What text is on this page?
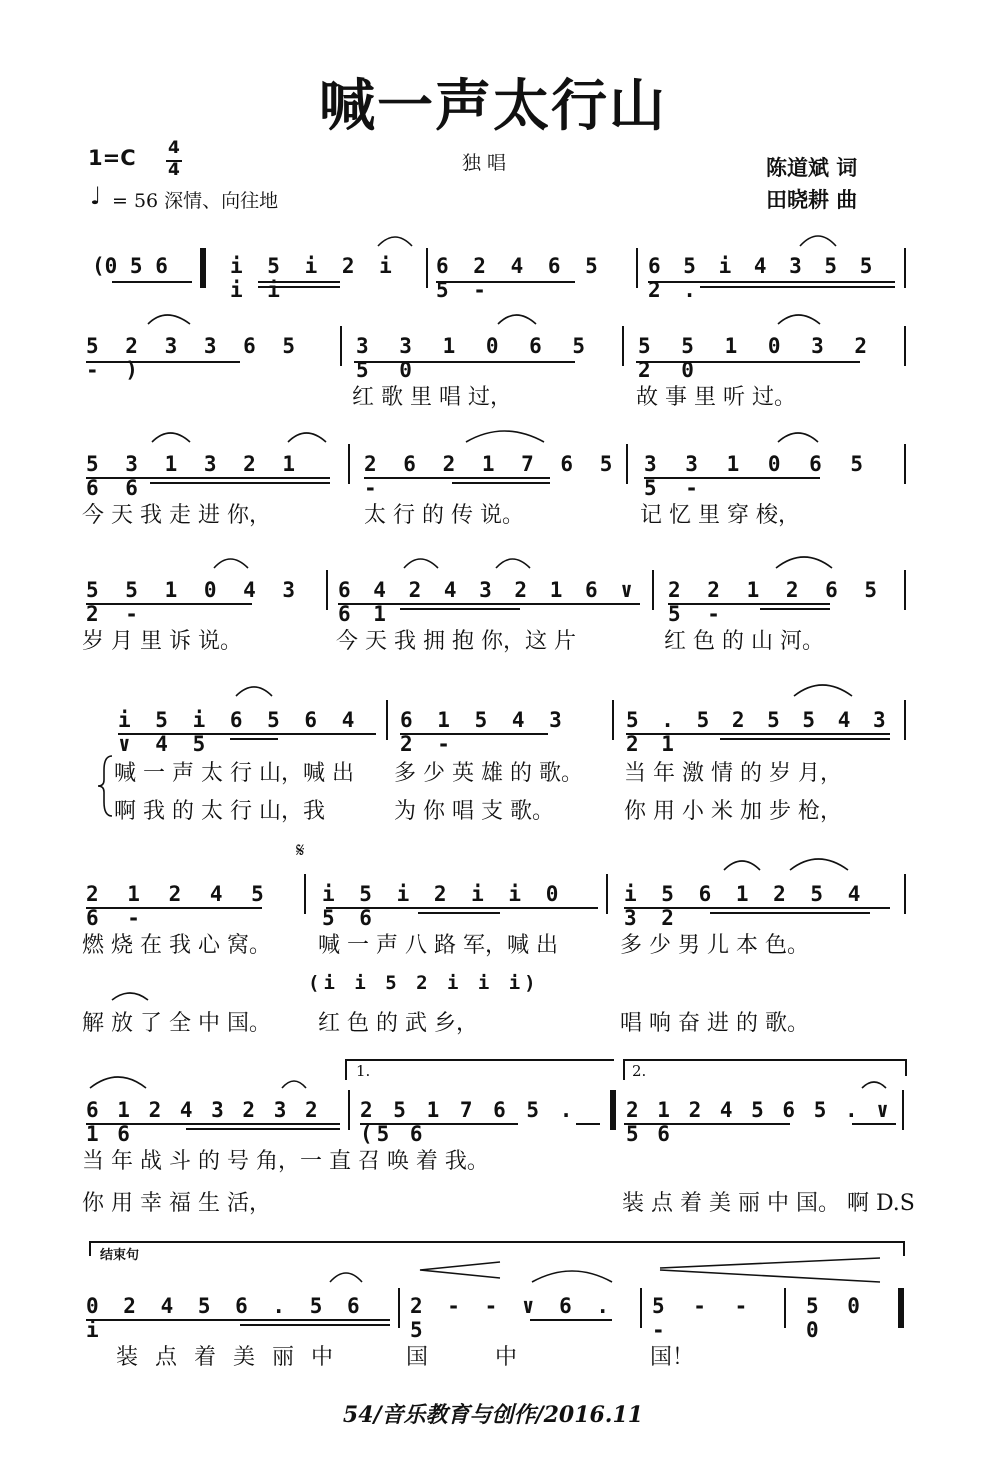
喊一声太行山
1=C 4
4	独 唱
♩ = 56 深情、向往地
陈道斌 词
田晓耕 曲
(0 5 6	i 5 i 2 i i i
6 2 4 6 5 5 -
6 5 i 4 3 5 5 2 .
5 2 3 3 6 5 - )
3 3 1 0 6 5 5 0
5 5 1 0 3 2 2 0
红 歌 里 唱 过，	故 事 里 听 过。
5 3 1 3 2 1 6 6
2 6 2 1 7 6 5 -
3 3 1 0 6 5 5 -
今 天 我 走 进 你，	太 行 的 传 说。	记 忆 里 穿 梭，
5 5 1 0 4 3 2 -
6 4 2 4 3 2 1 6 ∨ 6 1
2 2 1 2 6 5 5 -
岁 月 里 诉 说。	今 天 我 拥 抱 你，这 片	红 色 的 山 河。
i 5 i 6 5 6 4 ∨ 4 5
6 1 5 4 3 2 -
5 . 5 2 5 5 4 3 2 1
喊 一 声 太 行 山，喊 出 多 少 英 雄 的 歌。 当 年 激 情 的 岁 月，
啊 我 的 太 行 山，我	为 你 唱 支 歌。	你 用 小 米 加 步 枪，
𝄋
2 1 2 4 5 6 -
i 5 i 2 i i 0 5 6
i 5 6 1 2 5 4 3 2
燃 烧 在 我 心 窝。 喊 一 声 八 路 军，喊 出	多 少 男 儿 本 色。
(i i 5 2 i i i)
解 放 了 全 中 国。 红 色 的 武 乡，	唱 响 奋 进 的 歌。
1.	2.
6 1 2 4 3 2 3 2 1 6
2 5 1 7 6 5 . (5 6
2 1 2 4 5 6 5 . ∨ 5 6
当 年 战 斗 的 号 角，一 直 召 唤 着 我。
你 用 幸 福 生 活，	装 点 着 美 丽 中 国。 啊 D.S
结束句
0 2 4 5 6 . 5 6 i
2 - - ∨ 6 . 5
5 - - -
5 0 0
装 点 着 美 丽 中	国 中	国！
54/音乐教育与创作/2016.11
